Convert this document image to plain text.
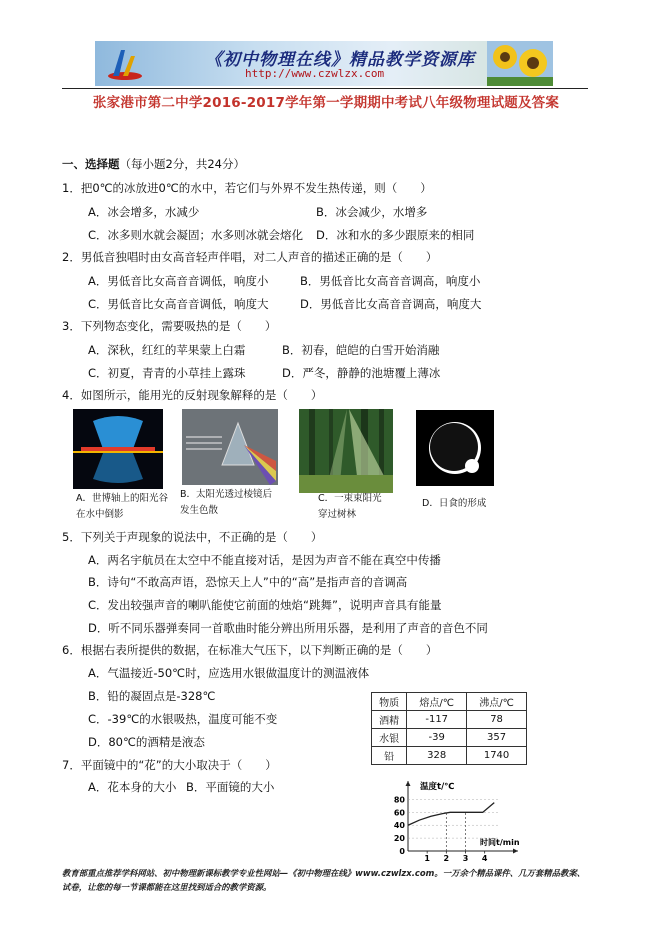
《初中物理在线》精品教学资源库
http://www.czwlzx.com
张家港市第二中学2016-2017学年第一学期期中考试八年级物理试题及答案
一、选择题（每小题2分，共24分）
1．把0℃的冰放进0℃的水中，若它们与外界不发生热传递，则（　　）
A．冰会增多，水减少	B．冰会减少，水增多
C．冰多则水就会凝固；水多则冰就会熔化 D．冰和水的多少跟原来的相同
2．男低音独唱时由女高音轻声伴唱，对二人声音的描述正确的是（　　）
A．男低音比女高音音调低，响度小	B．男低音比女高音音调高，响度小
C．男低音比女高音音调低，响度大	D．男低音比女高音音调高，响度大
3．下列物态变化，需要吸热的是（　　）
A．深秋，红红的苹果蒙上白霜	B．初春，皑皑的白雪开始消融
C．初夏，青青的小草挂上露珠	D．严冬，静静的池塘覆上薄冰
4．如图所示，能用光的反射现象解释的是（　　）
A．世博轴上的阳光谷在水中倒影
B．太阳光透过棱镜后发生色散
C．一束束阳光穿过树林
D．日食的形成
5．下列关于声现象的说法中，不正确的是（　　）
A．两名宇航员在太空中不能直接对话，是因为声音不能在真空中传播
B．诗句“不敢高声语，恐惊天上人”中的“高”是指声音的音调高
C．发出较强声音的喇叭能使它前面的烛焰“跳舞”，说明声音具有能量
D．听不同乐器弹奏同一首歌曲时能分辨出所用乐器，是利用了声音的音色不同
6．根据右表所提供的数据，在标准大气压下，以下判断正确的是（　　）
A．气温接近-50℃时，应选用水银做温度计的测温液体
B．铅的凝固点是-328℃
C．-39℃的水银吸热，温度可能不变
D．80℃的酒精是液态
物质	熔点/℃	沸点/℃
酒精	-117	78
水银	-39	357
铅	328	1740
7．平面镜中的“花”的大小取决于（　　）
A．花本身的大小 B．平面镜的大小
0
20
40
60
80
1 2 3 4
温度t/℃
时间t/min
教育部重点推荐学科网站、初中物理新课标教学专业性网站—《初中物理在线》www.czwlzx.com。一万余个精品课件、几万套精品教案、试卷，让您的每一节课都能在这里找到适合的教学资源。
